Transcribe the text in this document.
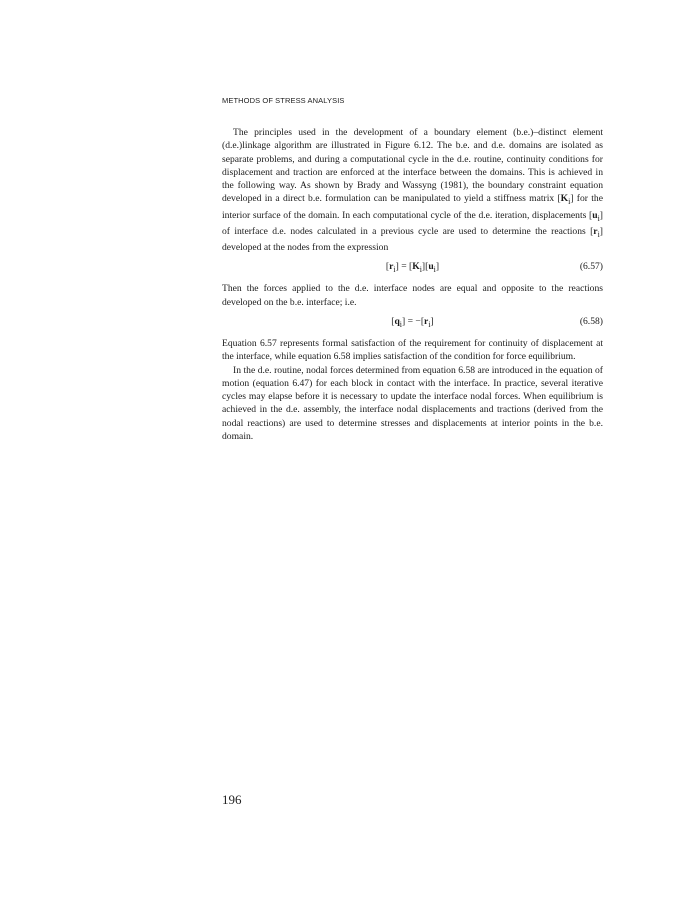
METHODS OF STRESS ANALYSIS

The principles used in the development of a boundary element (b.e.)–distinct element (d.e.)linkage algorithm are illustrated in Figure 6.12. The b.e. and d.e. domains are isolated as separate problems, and during a computational cycle in the d.e. routine, continuity conditions for displacement and traction are enforced at the interface between the domains. This is achieved in the following way. As shown by Brady and Wassyng (1981), the boundary constraint equation developed in a direct b.e. formulation can be manipulated to yield a stiffness matrix $[K_i]$ for the interior surface of the domain. In each computational cycle of the d.e. iteration, displacements $[u_i]$ of interface d.e. nodes calculated in a previous cycle are used to determine the reactions $[r_i]$ developed at the nodes from the expression

$[r_i] = [K_i][u_i]$	(6.57)

Then the forces applied to the d.e. interface nodes are equal and opposite to the reactions developed on the b.e. interface; i.e.

$[q_i] = -[r_i]$	(6.58)

Equation 6.57 represents formal satisfaction of the requirement for continuity of displacement at the interface, while equation 6.58 implies satisfaction of the condition for force equilibrium.

In the d.e. routine, nodal forces determined from equation 6.58 are introduced in the equation of motion (equation 6.47) for each block in contact with the interface. In practice, several iterative cycles may elapse before it is necessary to update the interface nodal forces. When equilibrium is achieved in the d.e. assembly, the interface nodal displacements and tractions (derived from the nodal reactions) are used to determine stresses and displacements at interior points in the b.e. domain.

196
